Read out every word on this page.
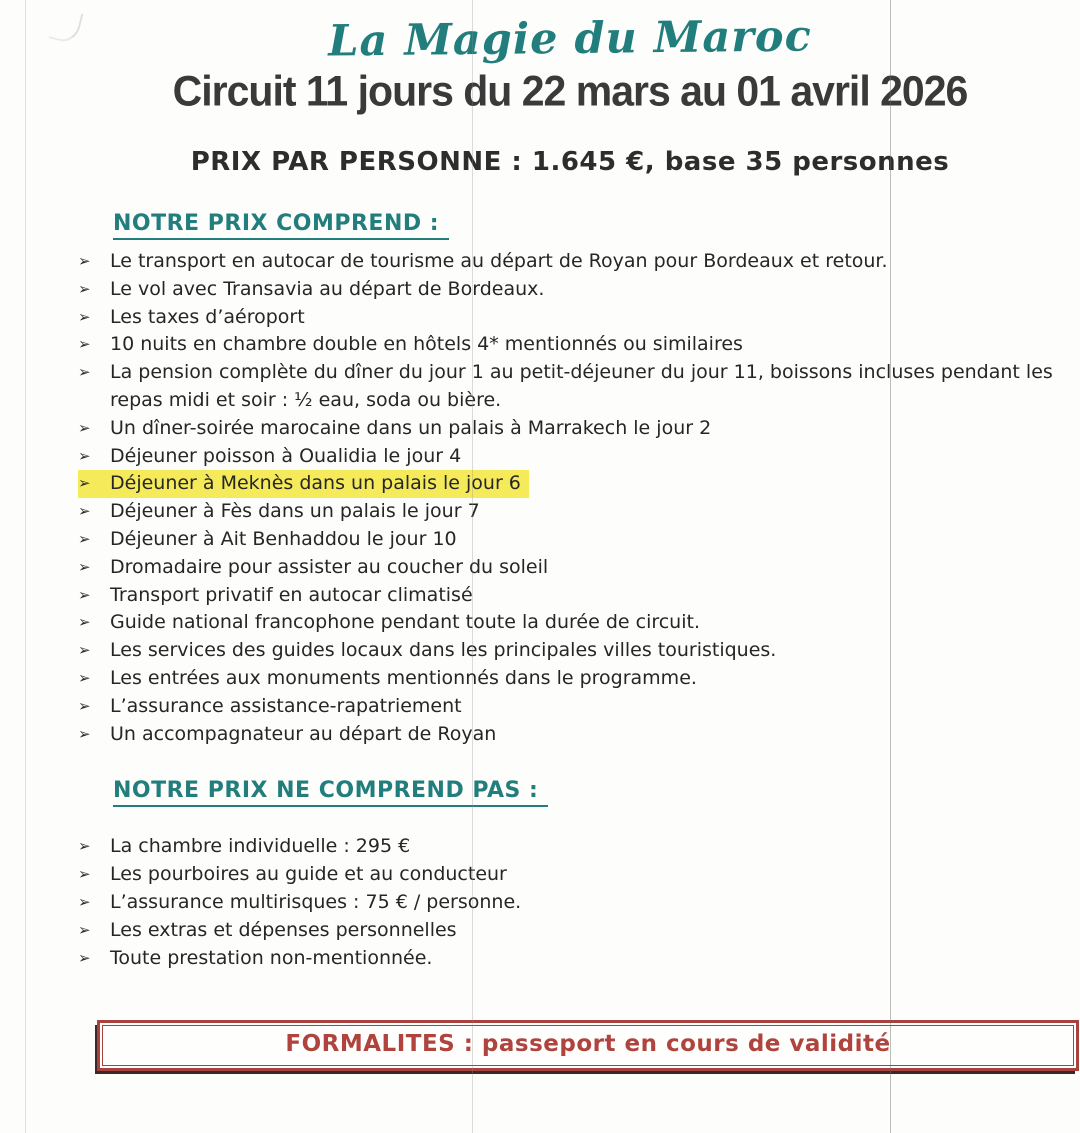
La Magie du Maroc
Circuit 11 jours du 22 mars au 01 avril 2026
PRIX PAR PERSONNE : 1.645 €, base 35 personnes
NOTRE PRIX COMPREND :
➢ Le transport en autocar de tourisme au départ de Royan pour Bordeaux et retour.
➢ Le vol avec Transavia au départ de Bordeaux.
➢ Les taxes d’aéroport
➢ 10 nuits en chambre double en hôtels 4* mentionnés ou similaires
➢ La pension complète du dîner du jour 1 au petit-déjeuner du jour 11, boissons incluses pendant les repas midi et soir : ½ eau, soda ou bière.
➢ Un dîner-soirée marocaine dans un palais à Marrakech le jour 2
➢ Déjeuner poisson à Oualidia le jour 4
➢ Déjeuner à Meknès dans un palais le jour 6
➢ Déjeuner à Fès dans un palais le jour 7
➢ Déjeuner à Ait Benhaddou le jour 10
➢ Dromadaire pour assister au coucher du soleil
➢ Transport privatif en autocar climatisé
➢ Guide national francophone pendant toute la durée de circuit.
➢ Les services des guides locaux dans les principales villes touristiques.
➢ Les entrées aux monuments mentionnés dans le programme.
➢ L’assurance assistance-rapatriement
➢ Un accompagnateur au départ de Royan
NOTRE PRIX NE COMPREND PAS :
➢ La chambre individuelle : 295 €
➢ Les pourboires au guide et au conducteur
➢ L’assurance multirisques : 75 € / personne.
➢ Les extras et dépenses personnelles
➢ Toute prestation non-mentionnée.
FORMALITES : passeport en cours de validité
